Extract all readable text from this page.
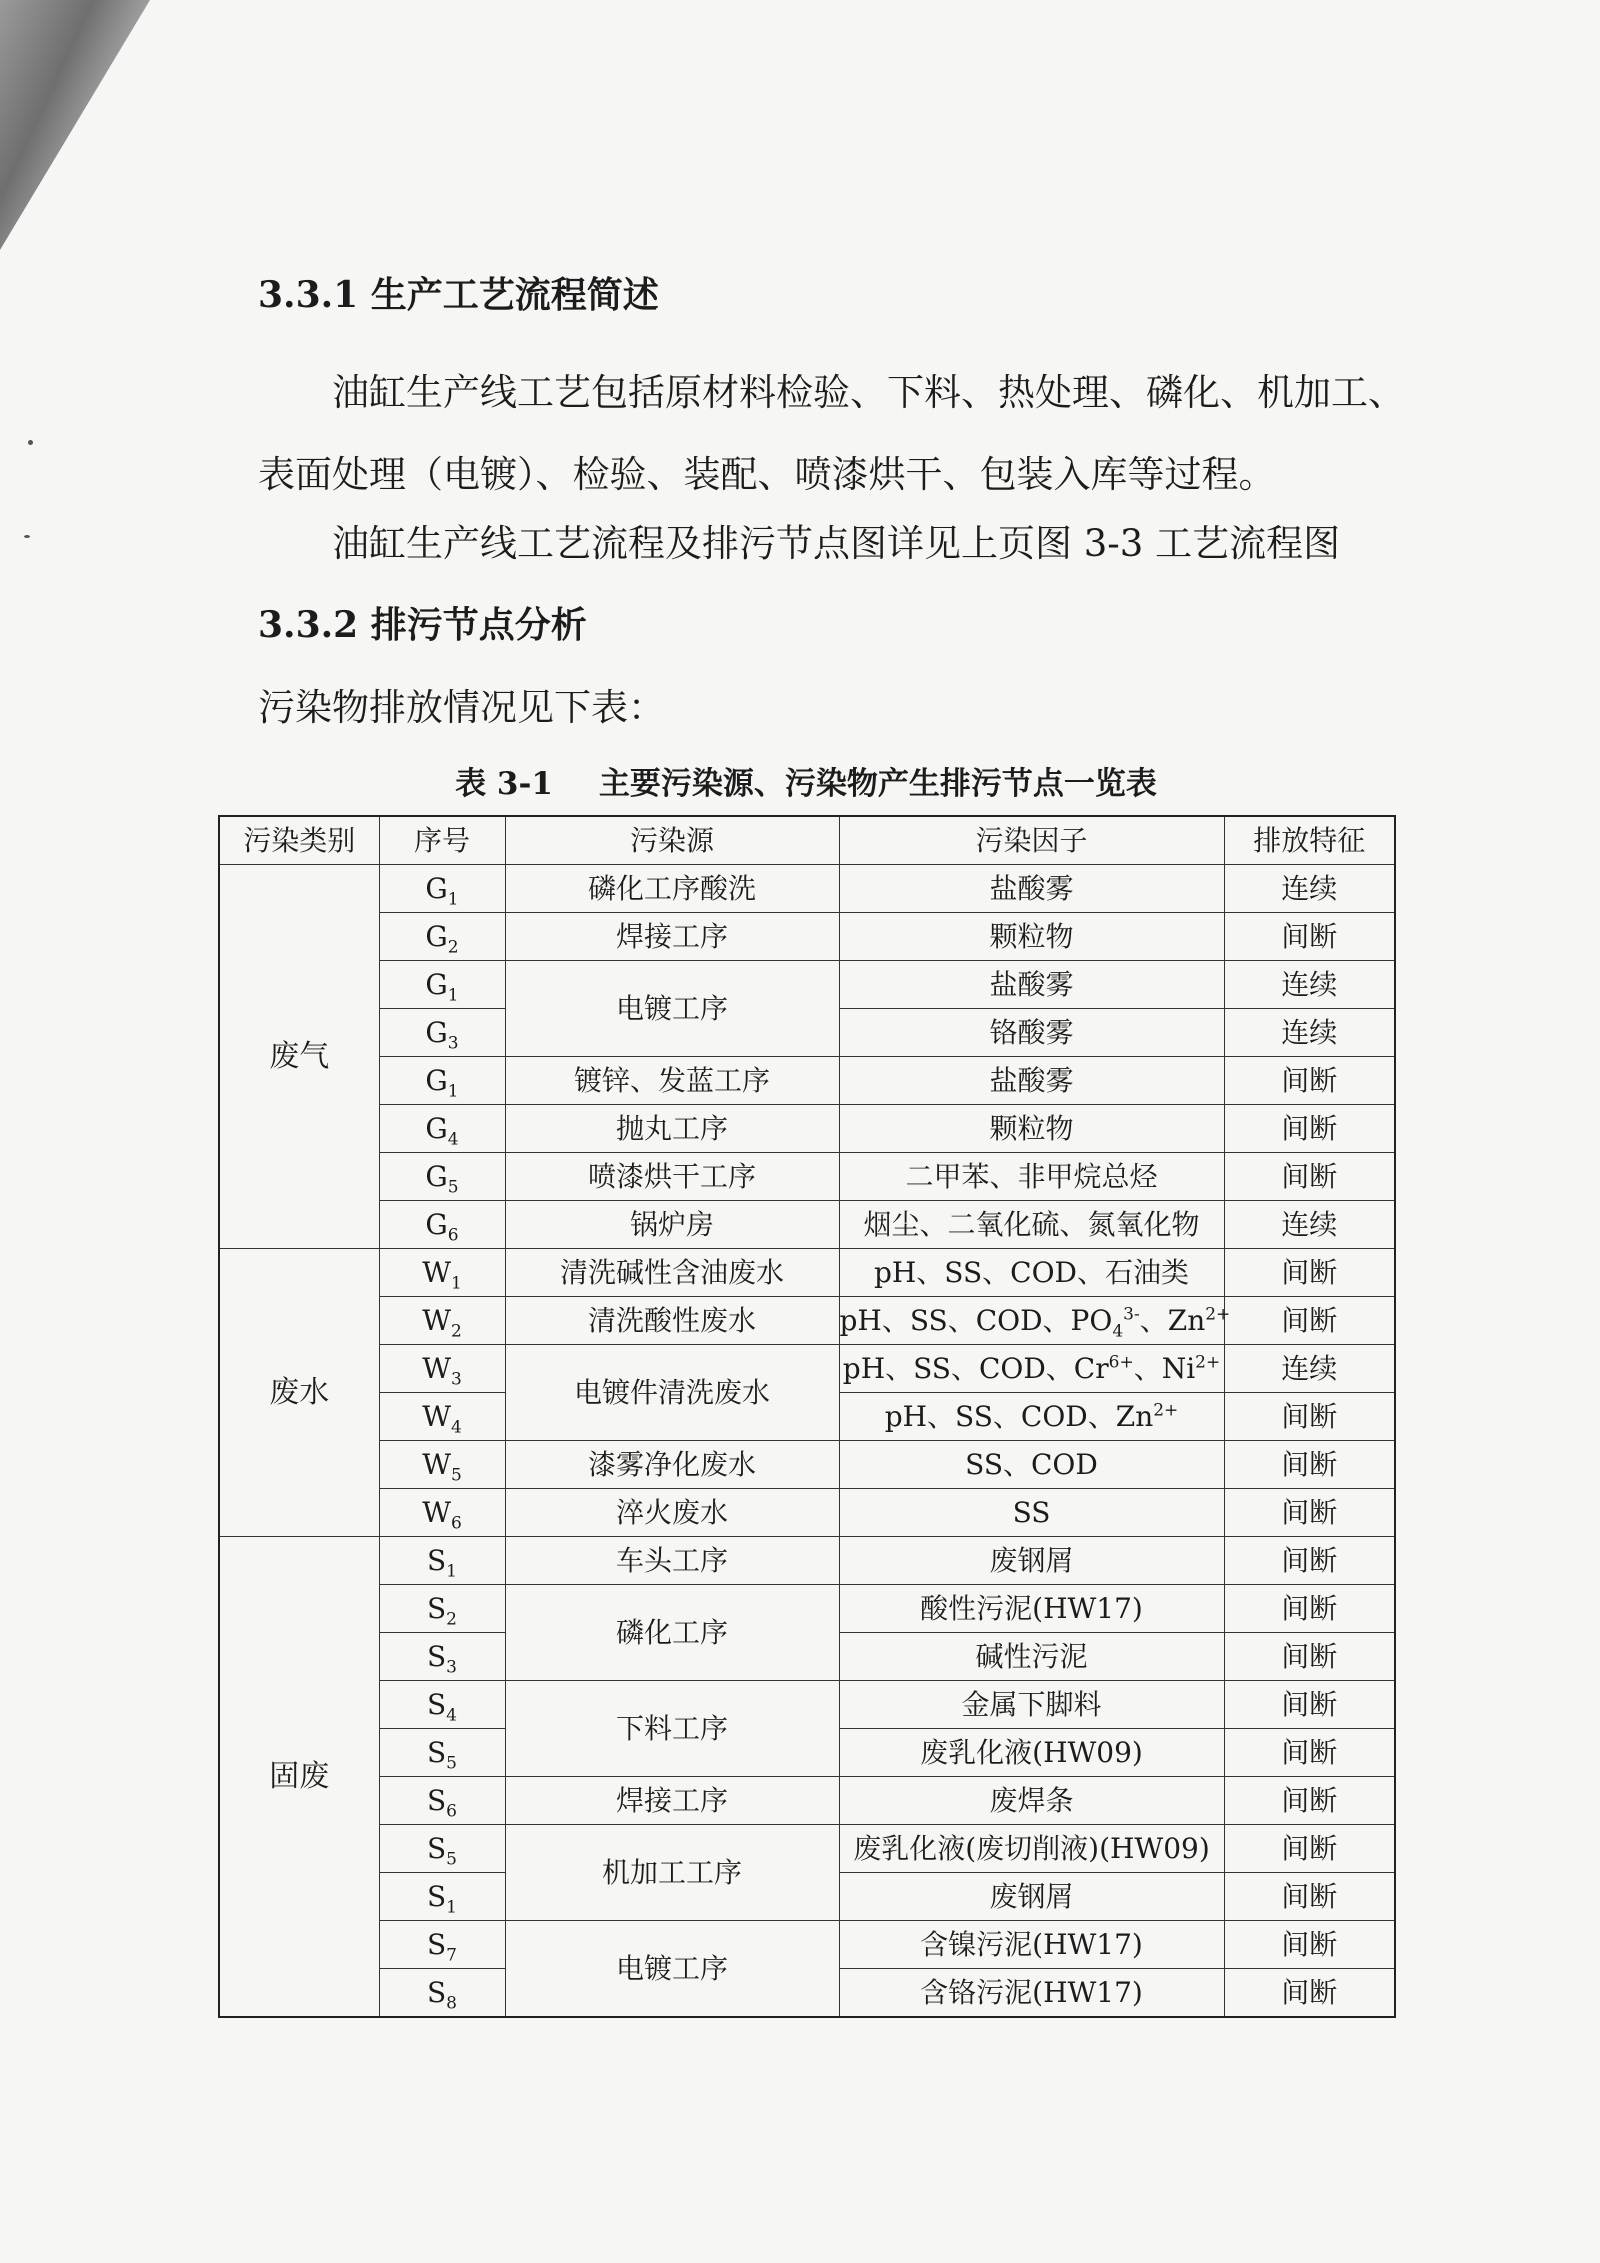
3.3.1 生产工艺流程简述

油缸生产线工艺包括原材料检验、下料、热处理、磷化、机加工、表面处理（电镀）、检验、装配、喷漆烘干、包装入库等过程。

油缸生产线工艺流程及排污节点图详见上页图 3-3 工艺流程图

3.3.2 排污节点分析

污染物排放情况见下表：

表 3-1 主要污染源、污染物产生排污节点一览表
污染类别	序号	污染源	污染因子	排放特征
废气	$G_1$	磷化工序酸洗	盐酸雾	连续
	$G_2$	焊接工序	颗粒物	间断
	$G_1$	电镀工序	盐酸雾	连续
	$G_3$		铬酸雾	连续
	$G_1$	镀锌、发蓝工序	盐酸雾	间断
	$G_4$	抛丸工序	颗粒物	间断
	$G_5$	喷漆烘干工序	二甲苯、非甲烷总烃	间断
	$G_6$	锅炉房	烟尘、二氧化硫、氮氧化物	连续
废水	$W_1$	清洗碱性含油废水	pH、SS、COD、石油类	间断
	$W_2$	清洗酸性废水	pH、SS、COD、$PO_4^{3-}$、$Zn^{2+}$	间断
	$W_3$	电镀件清洗废水	pH、SS、COD、$Cr^{6+}$、$Ni^{2+}$	连续
	$W_4$		pH、SS、COD、$Zn^{2+}$	间断
	$W_5$	漆雾净化废水	SS、COD	间断
	$W_6$	淬火废水	SS	间断
固废	$S_1$	车头工序	废钢屑	间断
	$S_2$	磷化工序	酸性污泥(HW17)	间断
	$S_3$		碱性污泥	间断
	$S_4$	下料工序	金属下脚料	间断
	$S_5$		废乳化液(HW09)	间断
	$S_6$	焊接工序	废焊条	间断
	$S_5$	机加工工序	废乳化液(废切削液)(HW09)	间断
	$S_1$		废钢屑	间断
	$S_7$	电镀工序	含镍污泥(HW17)	间断
	$S_8$		含铬污泥(HW17)	间断
